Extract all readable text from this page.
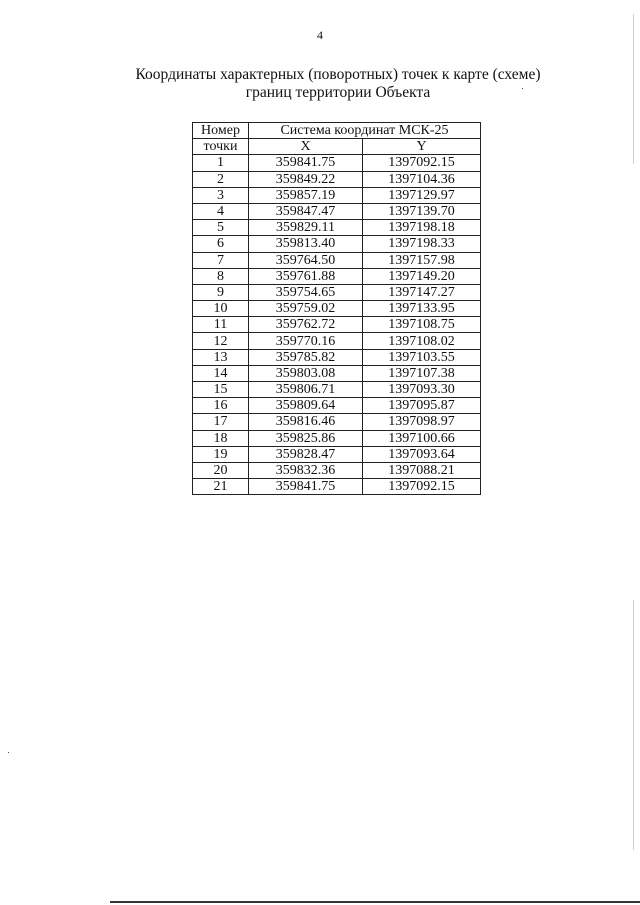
4
Координаты характерных (поворотных) точек к карте (схеме)
границ территории Объекта
Номер	Система координат МСК-25	
точки	X	Y
1	359841.75	1397092.15
2	359849.22	1397104.36
3	359857.19	1397129.97
4	359847.47	1397139.70
5	359829.11	1397198.18
6	359813.40	1397198.33
7	359764.50	1397157.98
8	359761.88	1397149.20
9	359754.65	1397147.27
10	359759.02	1397133.95
11	359762.72	1397108.75
12	359770.16	1397108.02
13	359785.82	1397103.55
14	359803.08	1397107.38
15	359806.71	1397093.30
16	359809.64	1397095.87
17	359816.46	1397098.97
18	359825.86	1397100.66
19	359828.47	1397093.64
20	359832.36	1397088.21
21	359841.75	1397092.15
